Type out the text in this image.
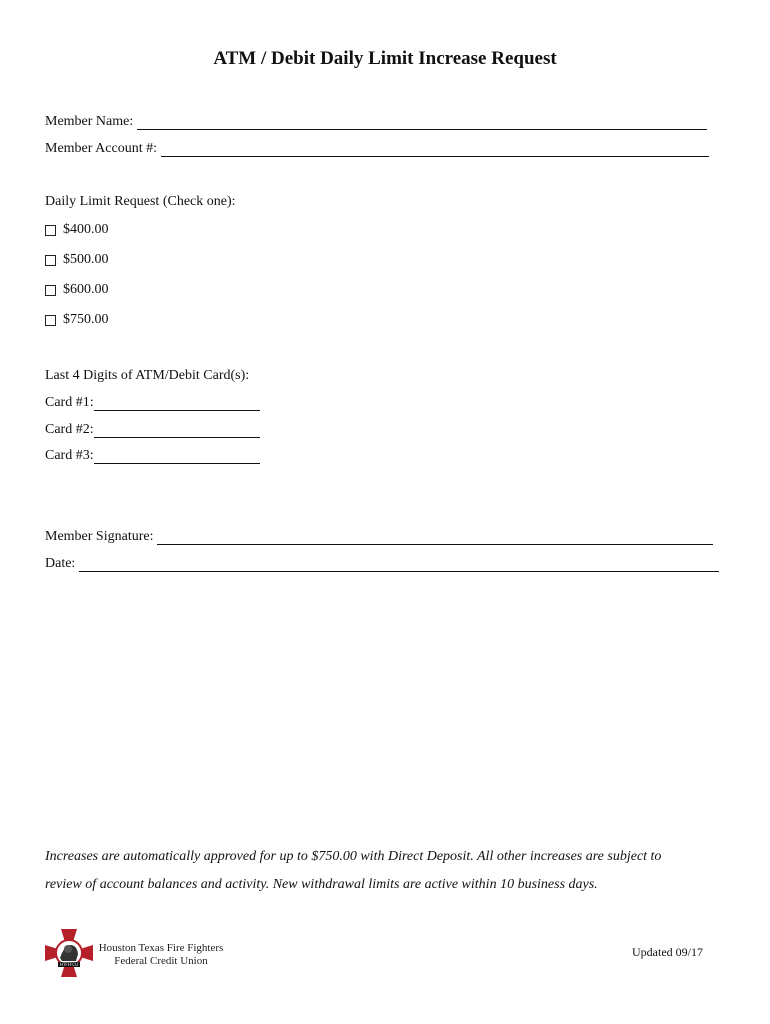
ATM / Debit Daily Limit Increase Request
Member Name:
Member Account #:
Daily Limit Request (Check one):
$400.00
$500.00
$600.00
$750.00
Last 4 Digits of ATM/Debit Card(s):
Card #1:
Card #2:
Card #3:
Member Signature:
Date:
Increases are automatically approved for up to $750.00 with Direct Deposit. All other increases are subject to
review of account balances and activity. New withdrawal limits are active within 10 business days.
HTFFFCU
Houston Texas Fire Fighters
Federal Credit Union
Updated 09/17
